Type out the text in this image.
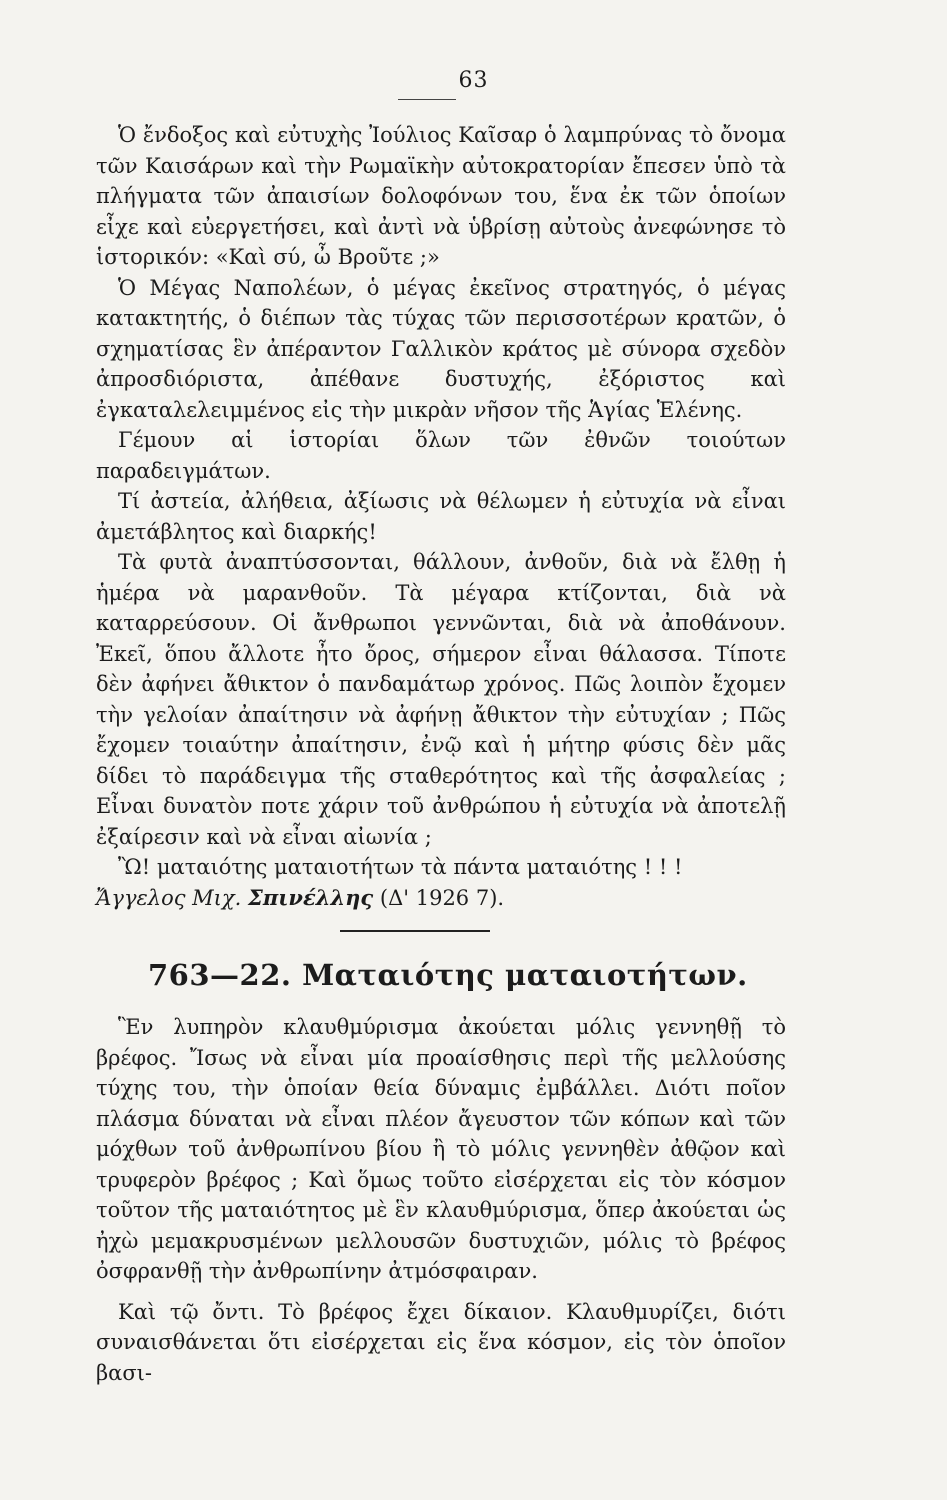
63

Ὁ ἔνδοξος καὶ εὐτυχὴς Ἰούλιος Καῖσαρ ὁ λαμπρύνας τὸ ὄνομα τῶν Καισάρων καὶ τὴν Ρωμαϊκὴν αὐτοκρατορίαν ἔπεσεν ὑπὸ τὰ πλήγματα τῶν ἀπαισίων δολοφόνων του, ἕνα ἐκ τῶν ὁποίων εἶχε καὶ εὐεργετήσει, καὶ ἀντὶ νὰ ὑβρίσῃ αὐτοὺς ἀνεφώνησε τὸ ἱστορικόν: «Καὶ σύ, ὦ Βροῦτε ;»

Ὁ Μέγας Ναπολέων, ὁ μέγας ἐκεῖνος στρατηγός, ὁ μέγας κατακτητής, ὁ διέπων τὰς τύχας τῶν περισσοτέρων κρατῶν, ὁ σχηματίσας ἓν ἀπέραντον Γαλλικὸν κράτος μὲ σύνορα σχεδὸν ἀπροσδιόριστα, ἀπέθανε δυστυχής, ἐξόριστος καὶ ἐγκαταλελειμμένος εἰς τὴν μικρὰν νῆσον τῆς Ἁγίας Ἑλένης.

Γέμουν αἱ ἱστορίαι ὅλων τῶν ἐθνῶν τοιούτων παραδειγμάτων.

Τί ἀστεία, ἀλήθεια, ἀξίωσις νὰ θέλωμεν ἡ εὐτυχία νὰ εἶναι ἀμετάβλητος καὶ διαρκής!

Τὰ φυτὰ ἀναπτύσσονται, θάλλουν, ἀνθοῦν, διὰ νὰ ἔλθῃ ἡ ἡμέρα νὰ μαρανθοῦν. Τὰ μέγαρα κτίζονται, διὰ νὰ καταρρεύσουν. Οἱ ἄνθρωποι γεννῶνται, διὰ νὰ ἀποθάνουν. Ἐκεῖ, ὅπου ἄλλοτε ἦτο ὄρος, σήμερον εἶναι θάλασσα. Τίποτε δὲν ἀφήνει ἄθικτον ὁ πανδαμάτωρ χρόνος. Πῶς λοιπὸν ἔχομεν τὴν γελοίαν ἀπαίτησιν νὰ ἀφήνῃ ἄθικτον τὴν εὐτυχίαν ; Πῶς ἔχομεν τοιαύτην ἀπαίτησιν, ἐνῷ καὶ ἡ μήτηρ φύσις δὲν μᾶς δίδει τὸ παράδειγμα τῆς σταθερότητος καὶ τῆς ἀσφαλείας ; Εἶναι δυνατὸν ποτε χάριν τοῦ ἀνθρώπου ἡ εὐτυχία νὰ ἀποτελῇ ἐξαίρεσιν καὶ νὰ εἶναι αἰωνία ;

Ὢ! ματαιότης ματαιοτήτων τὰ πάντα ματαιότης ! ! !

Ἄγγελος Μιχ. Σπινέλλης (Δ' 1926 7).

763—22. Ματαιότης ματαιοτήτων.

Ἓν λυπηρὸν κλαυθμύρισμα ἀκούεται μόλις γεννηθῇ τὸ βρέφος. Ἴσως νὰ εἶναι μία προαίσθησις περὶ τῆς μελλούσης τύχης του, τὴν ὁποίαν θεία δύναμις ἐμβάλλει. Διότι ποῖον πλάσμα δύναται νὰ εἶναι πλέον ἄγευστον τῶν κόπων καὶ τῶν μόχθων τοῦ ἀνθρωπίνου βίου ἢ τὸ μόλις γεννηθὲν ἀθῷον καὶ τρυφερὸν βρέφος ; Καὶ ὅμως τοῦτο εἰσέρχεται εἰς τὸν κόσμον τοῦτον τῆς ματαιότητος μὲ ἓν κλαυθμύρισμα, ὅπερ ἀκούεται ὡς ἠχὼ μεμακρυσμένων μελλουσῶν δυστυχιῶν, μόλις τὸ βρέφος ὀσφρανθῇ τὴν ἀνθρωπίνην ἀτμόσφαιραν.

Καὶ τῷ ὄντι. Τὸ βρέφος ἔχει δίκαιον. Κλαυθμυρίζει, διότι συναισθάνεται ὅτι εἰσέρχεται εἰς ἕνα κόσμον, εἰς τὸν ὁποῖον βασι-
